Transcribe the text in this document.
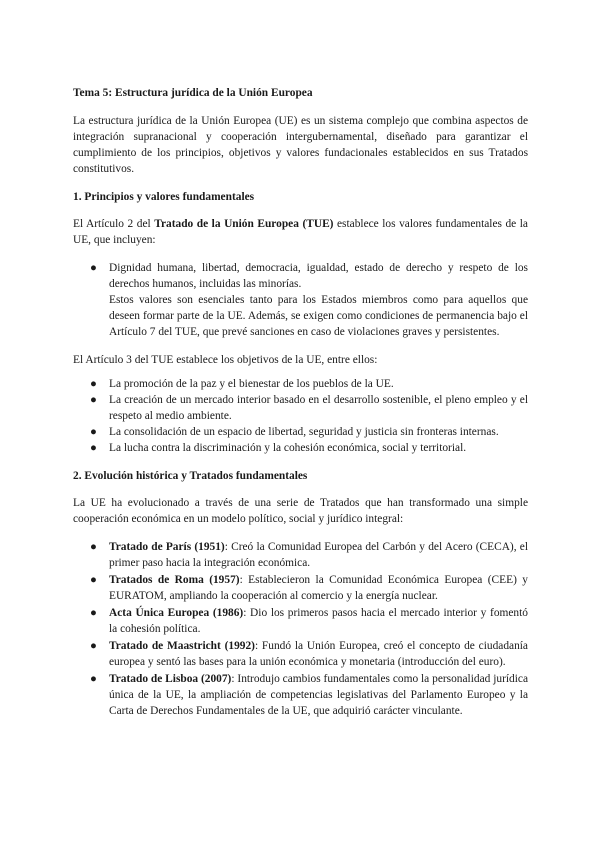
Tema 5: Estructura jurídica de la Unión Europea

La estructura jurídica de la Unión Europea (UE) es un sistema complejo que combina aspectos de integración supranacional y cooperación intergubernamental, diseñado para garantizar el cumplimiento de los principios, objetivos y valores fundacionales establecidos en sus Tratados constitutivos.

1. Principios y valores fundamentales

El Artículo 2 del Tratado de la Unión Europea (TUE) establece los valores fundamentales de la UE, que incluyen:

● Dignidad humana, libertad, democracia, igualdad, estado de derecho y respeto de los derechos humanos, incluidas las minorías.
Estos valores son esenciales tanto para los Estados miembros como para aquellos que deseen formar parte de la UE. Además, se exigen como condiciones de permanencia bajo el Artículo 7 del TUE, que prevé sanciones en caso de violaciones graves y persistentes.

El Artículo 3 del TUE establece los objetivos de la UE, entre ellos:

● La promoción de la paz y el bienestar de los pueblos de la UE.
● La creación de un mercado interior basado en el desarrollo sostenible, el pleno empleo y el respeto al medio ambiente.
● La consolidación de un espacio de libertad, seguridad y justicia sin fronteras internas.
● La lucha contra la discriminación y la cohesión económica, social y territorial.
2. Evolución histórica y Tratados fundamentales

La UE ha evolucionado a través de una serie de Tratados que han transformado una simple cooperación económica en un modelo político, social y jurídico integral:

● Tratado de París (1951): Creó la Comunidad Europea del Carbón y del Acero (CECA), el primer paso hacia la integración económica.
● Tratados de Roma (1957): Establecieron la Comunidad Económica Europea (CEE) y EURATOM, ampliando la cooperación al comercio y la energía nuclear.
● Acta Única Europea (1986): Dio los primeros pasos hacia el mercado interior y fomentó la cohesión política.
● Tratado de Maastricht (1992): Fundó la Unión Europea, creó el concepto de ciudadanía europea y sentó las bases para la unión económica y monetaria (introducción del euro).
● Tratado de Lisboa (2007): Introdujo cambios fundamentales como la personalidad jurídica única de la UE, la ampliación de competencias legislativas del Parlamento Europeo y la Carta de Derechos Fundamentales de la UE, que adquirió carácter vinculante.
